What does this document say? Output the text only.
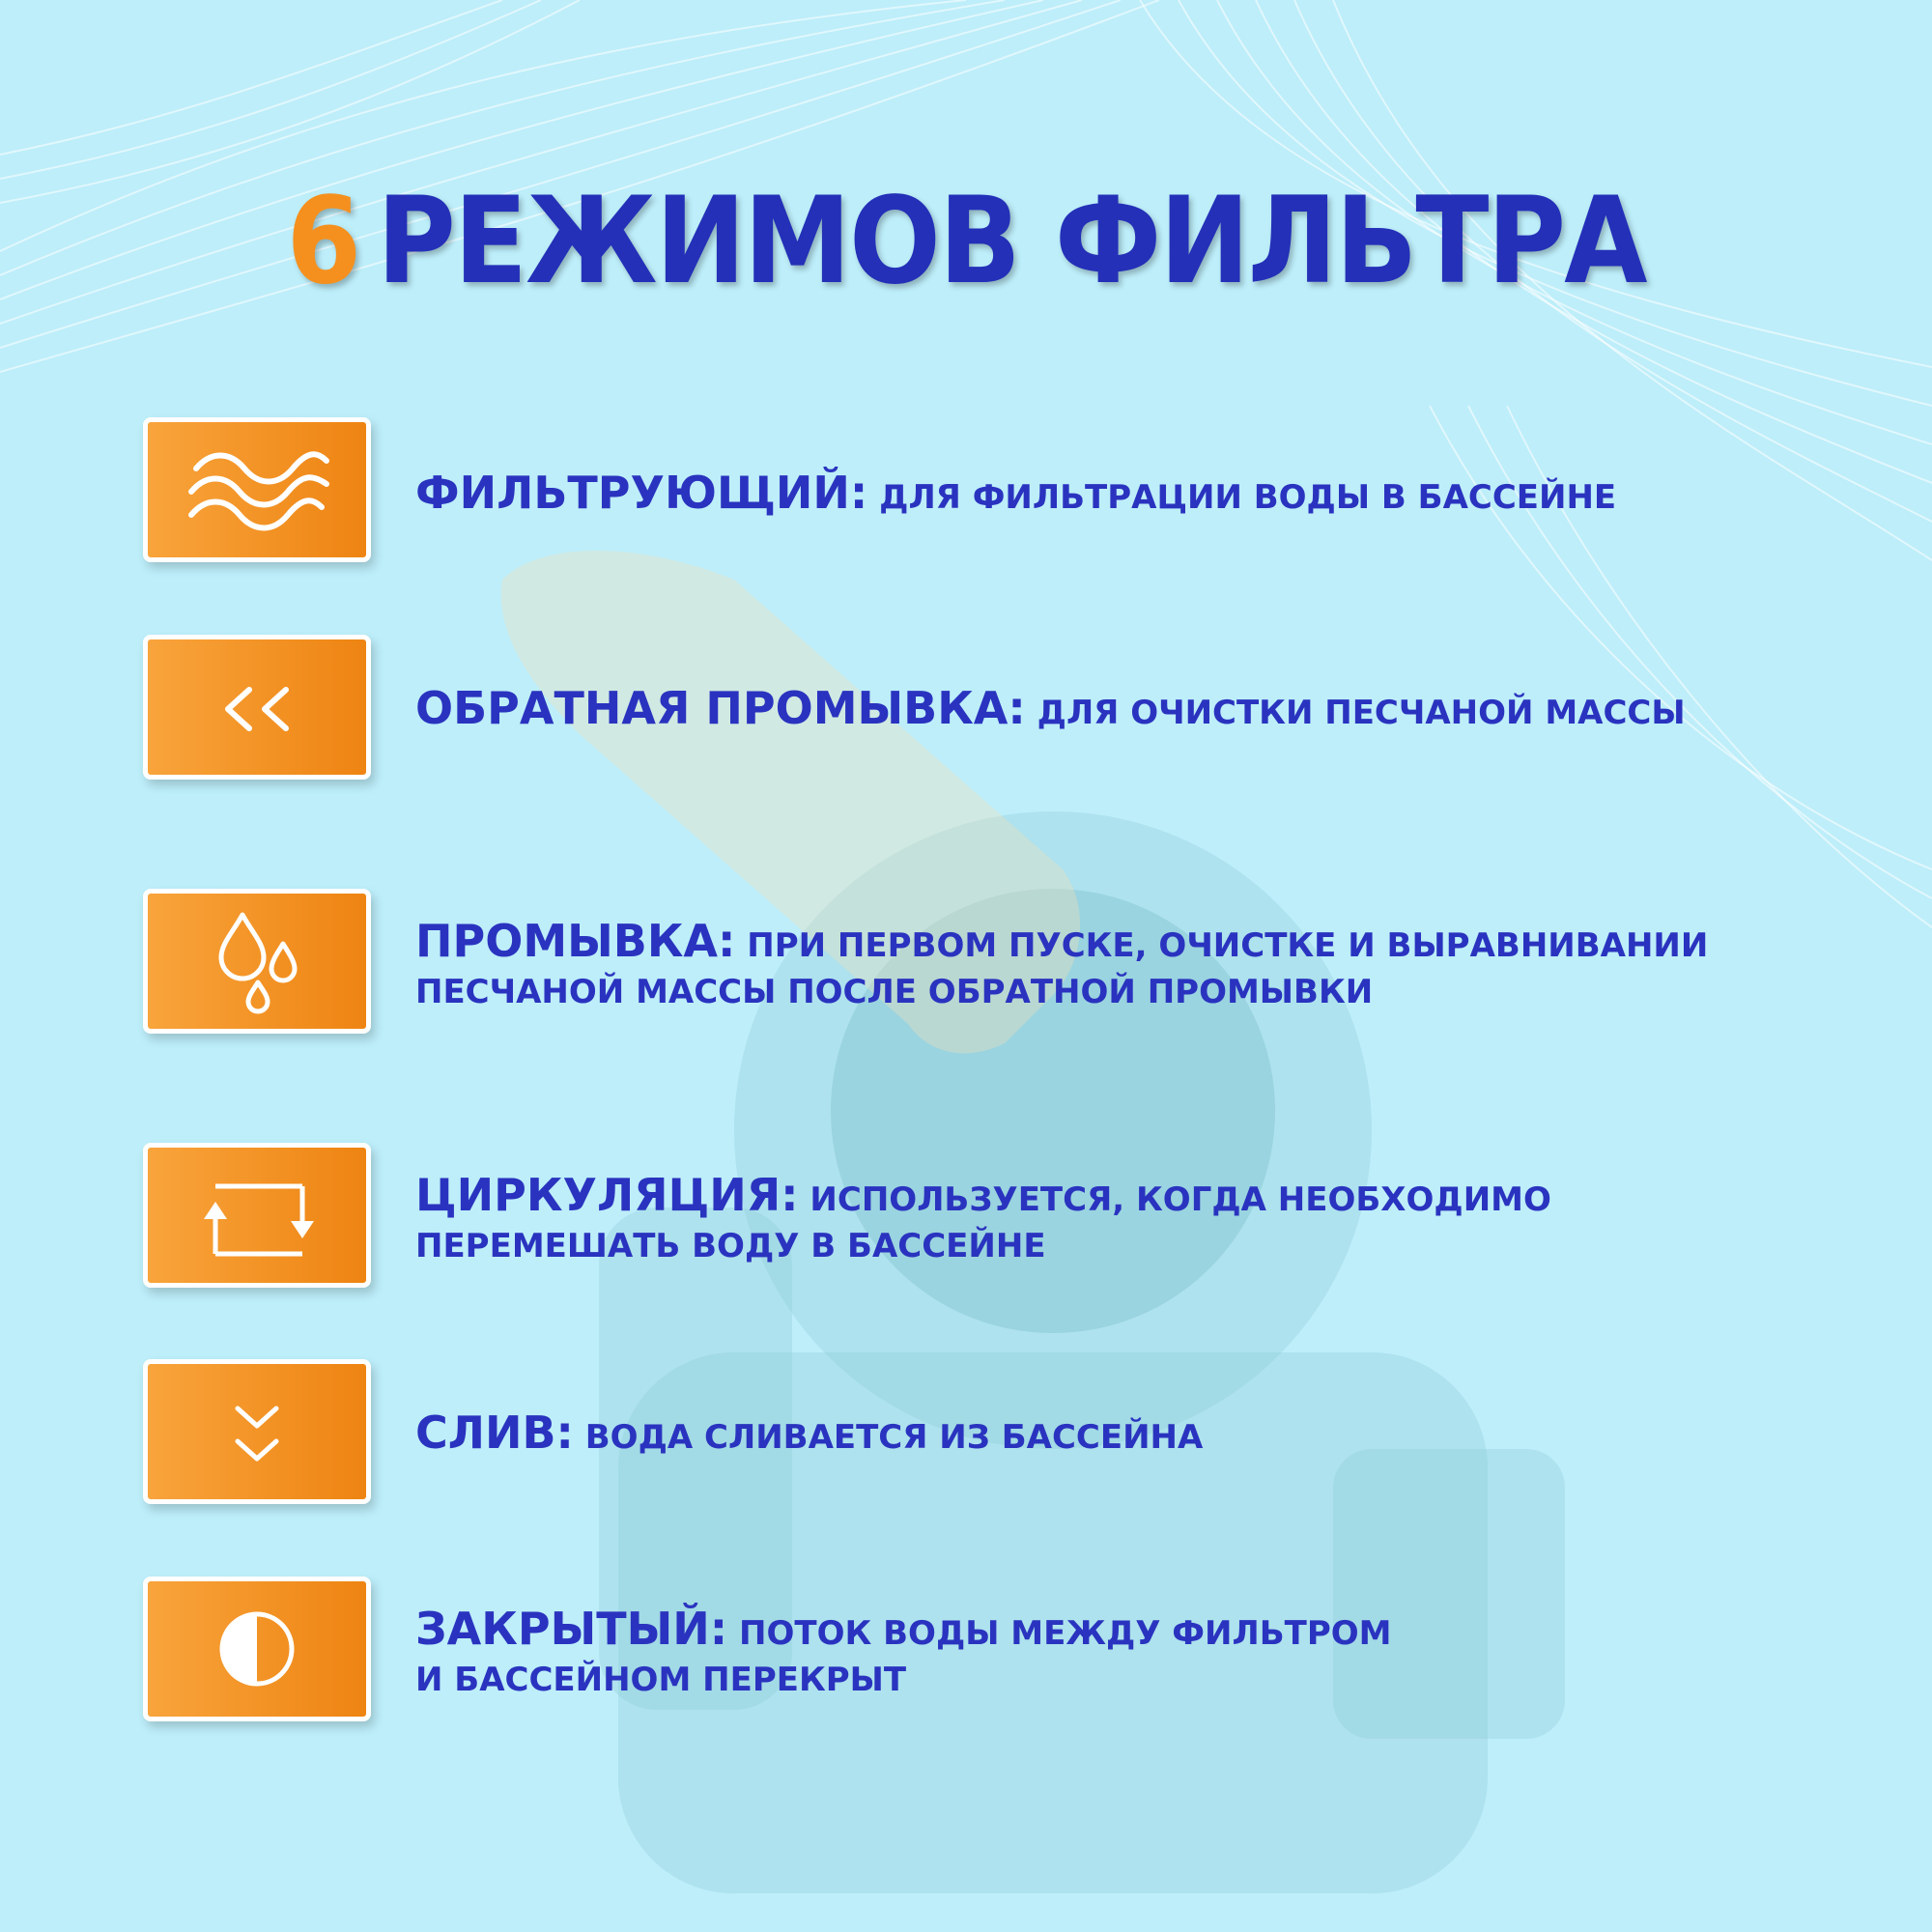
6 РЕЖИМОВ ФИЛЬТРА
ФИЛЬТРУЮЩИЙ: ДЛЯ ФИЛЬТРАЦИИ ВОДЫ В БАССЕЙНЕ
ОБРАТНАЯ ПРОМЫВКА: ДЛЯ ОЧИСТКИ ПЕСЧАНОЙ МАССЫ
ПРОМЫВКА: ПРИ ПЕРВОМ ПУСКЕ, ОЧИСТКЕ И ВЫРАВНИВАНИИ
ПЕСЧАНОЙ МАССЫ ПОСЛЕ ОБРАТНОЙ ПРОМЫВКИ
ЦИРКУЛЯЦИЯ: ИСПОЛЬЗУЕТСЯ, КОГДА НЕОБХОДИМО
ПЕРЕМЕШАТЬ ВОДУ В БАССЕЙНЕ
СЛИВ: ВОДА СЛИВАЕТСЯ ИЗ БАССЕЙНА
ЗАКРЫТЫЙ: ПОТОК ВОДЫ МЕЖДУ ФИЛЬТРОМ
И БАССЕЙНОМ ПЕРЕКРЫТ
